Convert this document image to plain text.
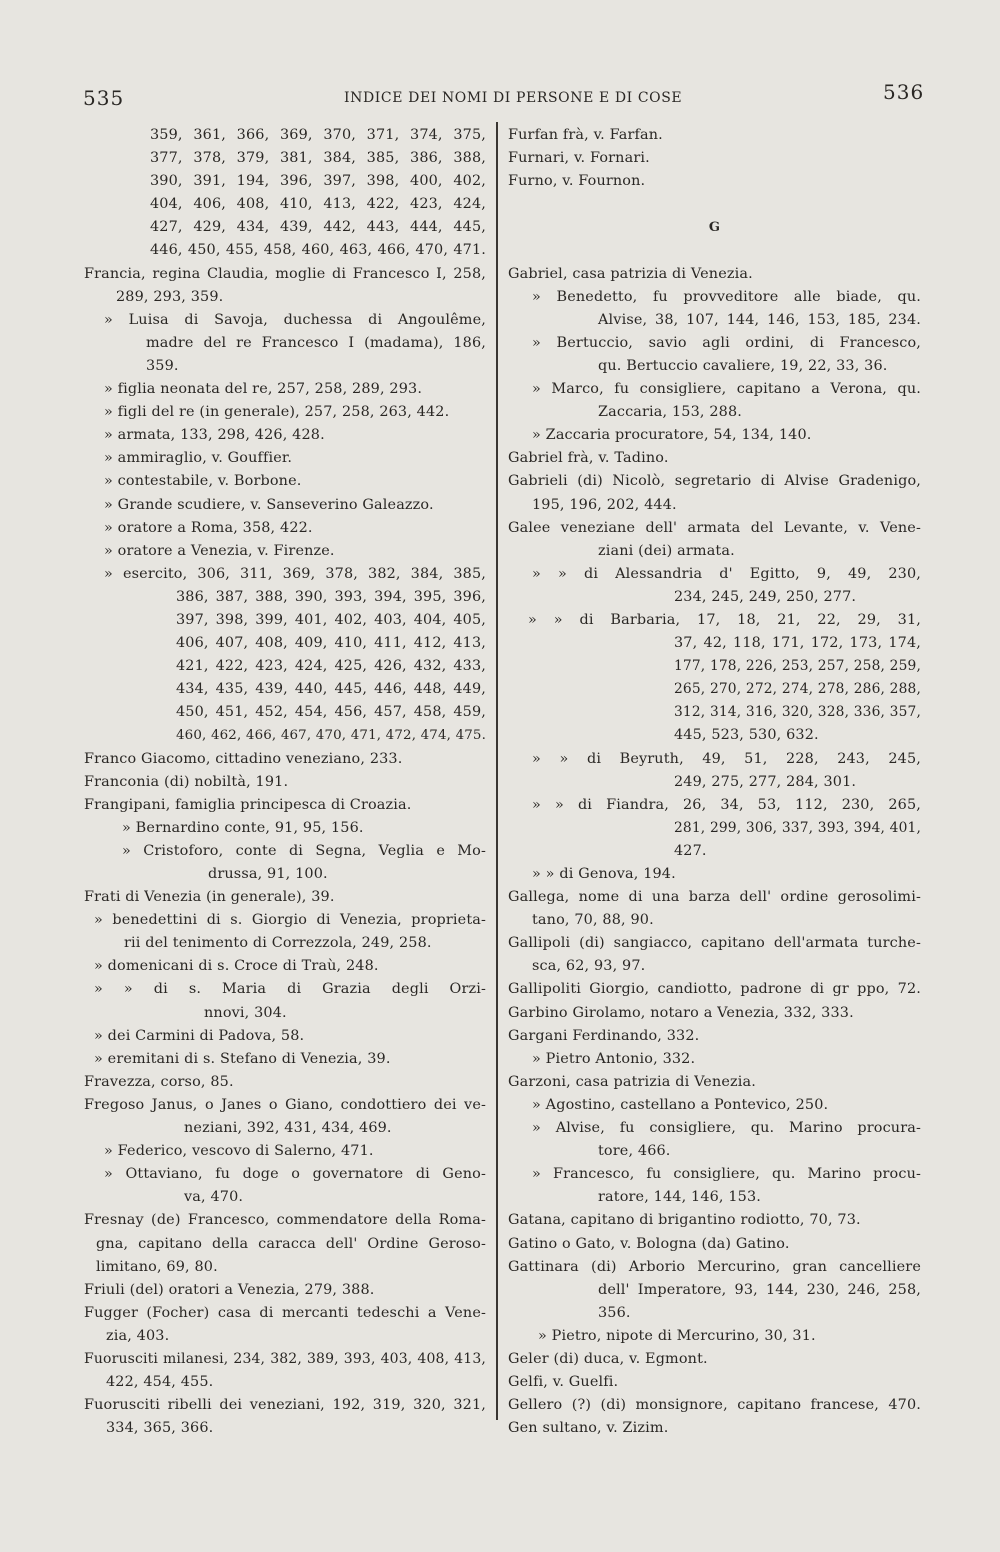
535	INDICE DEI NOMI DI PERSONE E DI COSE	536
359, 361, 366, 369, 370, 371, 374, 375,
377, 378, 379, 381, 384, 385, 386, 388,
390, 391, 194, 396, 397, 398, 400, 402,
404, 406, 408, 410, 413, 422, 423, 424,
427, 429, 434, 439, 442, 443, 444, 445,
446, 450, 455, 458, 460, 463, 466, 470, 471.
Francia, regina Claudia, moglie di Francesco I, 258,
289, 293, 359.
» Luisa di Savoja, duchessa di Angoulême,
madre del re Francesco I (madama), 186,
359.
» figlia neonata del re, 257, 258, 289, 293.
» figli del re (in generale), 257, 258, 263, 442.
» armata, 133, 298, 426, 428.
» ammiraglio, v. Gouffier.
» contestabile, v. Borbone.
» Grande scudiere, v. Sanseverino Galeazzo.
» oratore a Roma, 358, 422.
» oratore a Venezia, v. Firenze.
» esercito, 306, 311, 369, 378, 382, 384, 385,
386, 387, 388, 390, 393, 394, 395, 396,
397, 398, 399, 401, 402, 403, 404, 405,
406, 407, 408, 409, 410, 411, 412, 413,
421, 422, 423, 424, 425, 426, 432, 433,
434, 435, 439, 440, 445, 446, 448, 449,
450, 451, 452, 454, 456, 457, 458, 459,
460, 462, 466, 467, 470, 471, 472, 474, 475.
Franco Giacomo, cittadino veneziano, 233.
Franconia (di) nobiltà, 191.
Frangipani, famiglia principesca di Croazia.
» Bernardino conte, 91, 95, 156.
» Cristoforo, conte di Segna, Veglia e Mo-
drussa, 91, 100.
Frati di Venezia (in generale), 39.
» benedettini di s. Giorgio di Venezia, proprieta-
rii del tenimento di Correzzola, 249, 258.
» domenicani di s. Croce di Traù, 248.
» » di s. Maria di Grazia degli Orzi-
nnovi, 304.
» dei Carmini di Padova, 58.
» eremitani di s. Stefano di Venezia, 39.
Fravezza, corso, 85.
Fregoso Janus, o Janes o Giano, condottiero dei ve-
neziani, 392, 431, 434, 469.
» Federico, vescovo di Salerno, 471.
» Ottaviano, fu doge o governatore di Geno-
va, 470.
Fresnay (de) Francesco, commendatore della Roma-
gna, capitano della caracca dell' Ordine Geroso-
limitano, 69, 80.
Friuli (del) oratori a Venezia, 279, 388.
Fugger (Focher) casa di mercanti tedeschi a Vene-
zia, 403.
Fuorusciti milanesi, 234, 382, 389, 393, 403, 408, 413,
422, 454, 455.
Fuorusciti ribelli dei veneziani, 192, 319, 320, 321,
334, 365, 366.
Furfan frà, v. Farfan.
Furnari, v. Fornari.
Furno, v. Fournon.
G
Gabriel, casa patrizia di Venezia.
» Benedetto, fu provveditore alle biade, qu.
Alvise, 38, 107, 144, 146, 153, 185, 234.
» Bertuccio, savio agli ordini, di Francesco,
qu. Bertuccio cavaliere, 19, 22, 33, 36.
» Marco, fu consigliere, capitano a Verona, qu.
Zaccaria, 153, 288.
» Zaccaria procuratore, 54, 134, 140.
Gabriel frà, v. Tadino.
Gabrieli (di) Nicolò, segretario di Alvise Gradenigo,
195, 196, 202, 444.
Galee veneziane dell' armata del Levante, v. Vene-
ziani (dei) armata.
» » di Alessandria d' Egitto, 9, 49, 230,
234, 245, 249, 250, 277.
» » di Barbaria, 17, 18, 21, 22, 29, 31,
37, 42, 118, 171, 172, 173, 174,
177, 178, 226, 253, 257, 258, 259,
265, 270, 272, 274, 278, 286, 288,
312, 314, 316, 320, 328, 336, 357,
445, 523, 530, 632.
» » di Beyruth, 49, 51, 228, 243, 245,
249, 275, 277, 284, 301.
» » di Fiandra, 26, 34, 53, 112, 230, 265,
281, 299, 306, 337, 393, 394, 401,
427.
» » di Genova, 194.
Gallega, nome di una barza dell' ordine gerosolimi-
tano, 70, 88, 90.
Gallipoli (di) sangiacco, capitano dell'armata turche-
sca, 62, 93, 97.
Gallipoliti Giorgio, candiotto, padrone di gr ppo, 72.
Garbino Girolamo, notaro a Venezia, 332, 333.
Gargani Ferdinando, 332.
» Pietro Antonio, 332.
Garzoni, casa patrizia di Venezia.
» Agostino, castellano a Pontevico, 250.
» Alvise, fu consigliere, qu. Marino procura-
tore, 466.
» Francesco, fu consigliere, qu. Marino procu-
ratore, 144, 146, 153.
Gatana, capitano di brigantino rodiotto, 70, 73.
Gatino o Gato, v. Bologna (da) Gatino.
Gattinara (di) Arborio Mercurino, gran cancelliere
dell' Imperatore, 93, 144, 230, 246, 258,
356.
» Pietro, nipote di Mercurino, 30, 31.
Geler (di) duca, v. Egmont.
Gelfi, v. Guelfi.
Gellero (?) (di) monsignore, capitano francese, 470.
Gen sultano, v. Zizim.
